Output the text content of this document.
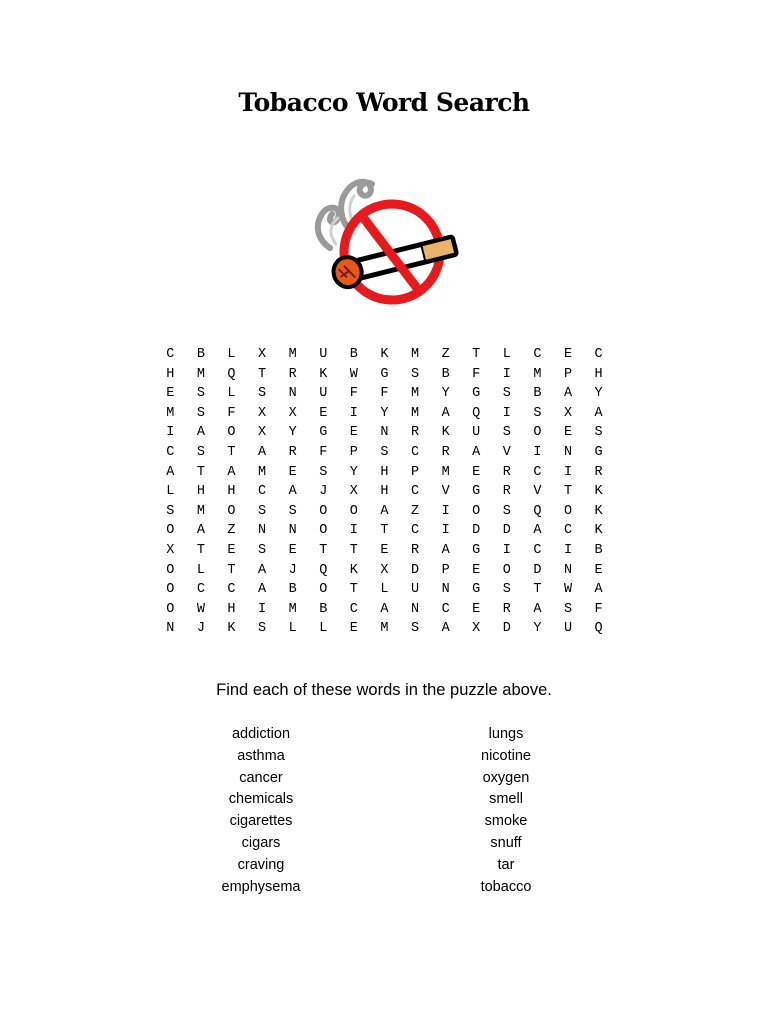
Tobacco Word Search
C	B	L	X	M	U	B	K	M	Z	T	L	C	E	C
H	M	Q	T	R	K	W	G	S	B	F	I	M	P	H
E	S	L	S	N	U	F	F	M	Y	G	S	B	A	Y
M	S	F	X	X	E	I	Y	M	A	Q	I	S	X	A
I	A	O	X	Y	G	E	N	R	K	U	S	O	E	S
C	S	T	A	R	F	P	S	C	R	A	V	I	N	G
A	T	A	M	E	S	Y	H	P	M	E	R	C	I	R
L	H	H	C	A	J	X	H	C	V	G	R	V	T	K
S	M	O	S	S	O	O	A	Z	I	O	S	Q	O	K
O	A	Z	N	N	O	I	T	C	I	D	D	A	C	K
X	T	E	S	E	T	T	E	R	A	G	I	C	I	B
O	L	T	A	J	Q	K	X	D	P	E	O	D	N	E
O	C	C	A	B	O	T	L	U	N	G	S	T	W	A
O	W	H	I	M	B	C	A	N	C	E	R	A	S	F
N	J	K	S	L	L	E	M	S	A	X	D	Y	U	Q

Find each of these words in the puzzle above.

addiction
asthma
cancer
chemicals
cigarettes
cigars
craving
emphysema
lungs
nicotine
oxygen
smell
smoke
snuff
tar
tobacco
